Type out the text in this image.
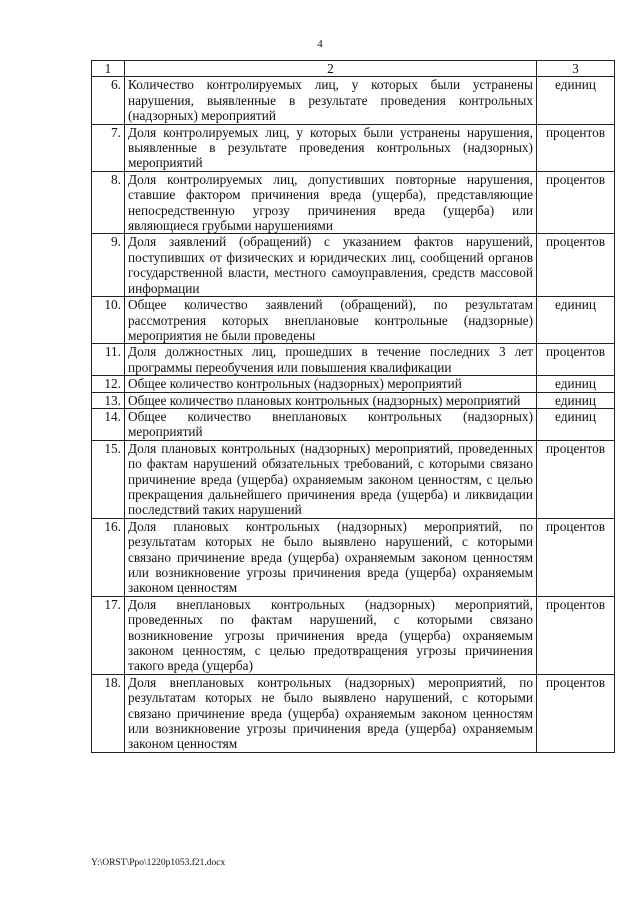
4
1	2	3
6.	Количество контролируемых лиц, у которых были устранены нарушения, выявленные в результате проведения контрольных (надзорных) мероприятий	единиц
7.	Доля контролируемых лиц, у которых были устранены нарушения, выявленные в результате проведения контрольных (надзорных) мероприятий	процентов
8.	Доля контролируемых лиц, допустивших повторные нарушения, ставшие фактором причинения вреда (ущерба), представляющие непосредственную угрозу причинения вреда (ущерба) или являющиеся грубыми нарушениями	процентов
9.	Доля заявлений (обращений) с указанием фактов нарушений, поступивших от физических и юридических лиц, сообщений органов государственной власти, местного самоуправления, средств массовой информации	процентов
10.	Общее количество заявлений (обращений), по результатам рассмотрения которых внеплановые контрольные (надзорные) мероприятия не были проведены	единиц
11.	Доля должностных лиц, прошедших в течение последних 3 лет программы переобучения или повышения квалификации	процентов
12.	Общее количество контрольных (надзорных) мероприятий	единиц
13.	Общее количество плановых контрольных (надзорных) мероприятий	единиц
14.	Общее количество внеплановых контрольных (надзорных) мероприятий	единиц
15.	Доля плановых контрольных (надзорных) мероприятий, проведенных по фактам нарушений обязательных требований, с которыми связано причинение вреда (ущерба) охраняемым законом ценностям, с целью прекращения дальнейшего причинения вреда (ущерба) и ликвидации последствий таких нарушений	процентов
16.	Доля плановых контрольных (надзорных) мероприятий, по результатам которых не было выявлено нарушений, с которыми связано причинение вреда (ущерба) охраняемым законом ценностям или возникновение угрозы причинения вреда (ущерба) охраняемым законом ценностям	процентов
17.	Доля внеплановых контрольных (надзорных) мероприятий, проведенных по фактам нарушений, с которыми связано возникновение угрозы причинения вреда (ущерба) охраняемым законом ценностям, с целью предотвращения угрозы причинения такого вреда (ущерба)	процентов
18.	Доля внеплановых контрольных (надзорных) мероприятий, по результатам которых не было выявлено нарушений, с которыми связано причинение вреда (ущерба) охраняемым законом ценностям или возникновение угрозы причинения вреда (ущерба) охраняемым законом ценностям	процентов
Y:\ORST\Ppo\1220p1053.f21.docx
